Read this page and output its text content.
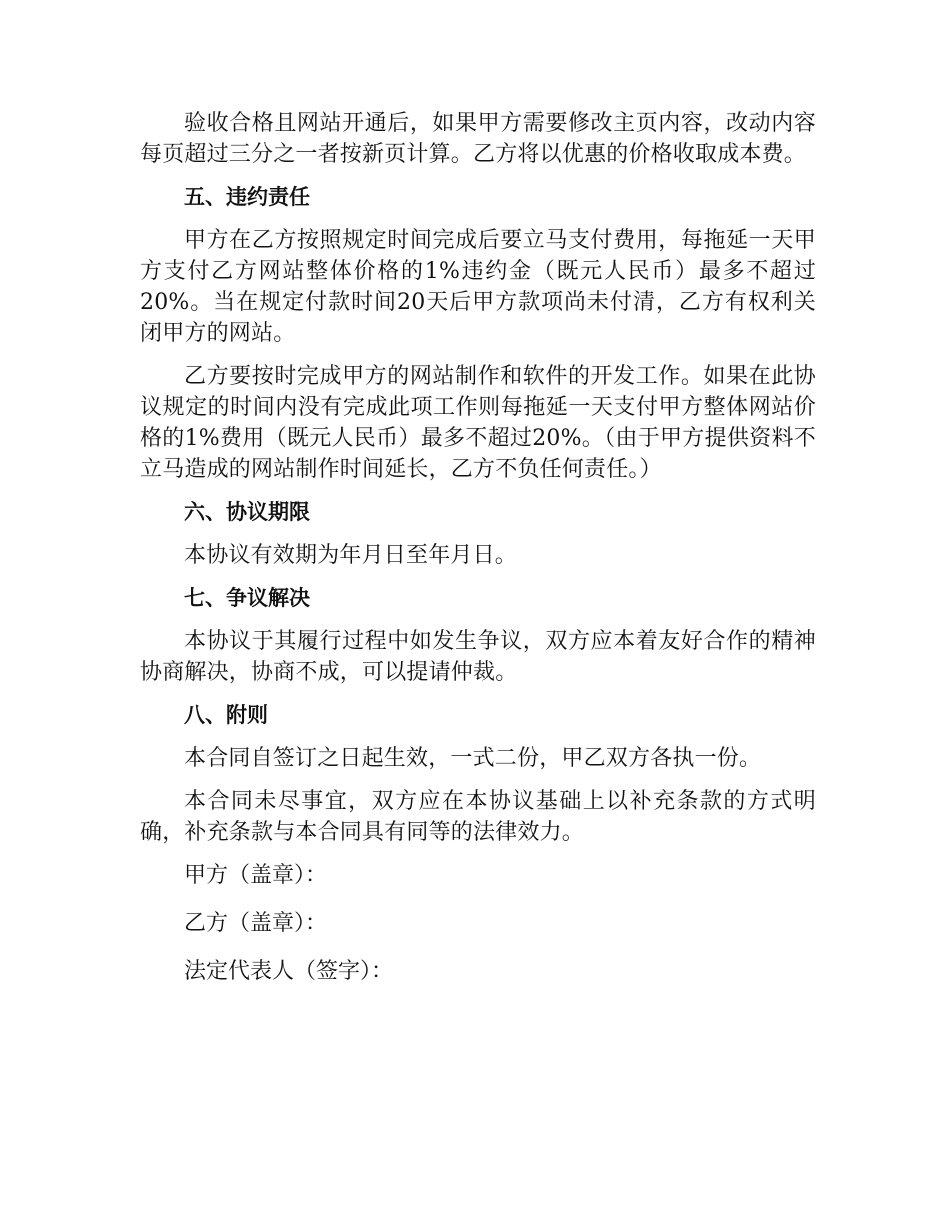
验收合格且网站开通后，如果甲方需要修改主页内容，改动内容每页超过三分之一者按新页计算。乙方将以优惠的价格收取成本费。

五、违约责任

甲方在乙方按照规定时间完成后要立马支付费用，每拖延一天甲方支付乙方网站整体价格的1%违约金（既元人民币）最多不超过20%。当在规定付款时间20天后甲方款项尚未付清，乙方有权利关闭甲方的网站。

乙方要按时完成甲方的网站制作和软件的开发工作。如果在此协议规定的时间内没有完成此项工作则每拖延一天支付甲方整体网站价格的1%费用（既元人民币）最多不超过20%。（由于甲方提供资料不立马造成的网站制作时间延长，乙方不负任何责任。）

六、协议期限

本协议有效期为年月日至年月日。

七、争议解决

本协议于其履行过程中如发生争议，双方应本着友好合作的精神协商解决，协商不成，可以提请仲裁。

八、附则

本合同自签订之日起生效，一式二份，甲乙双方各执一份。

本合同未尽事宜，双方应在本协议基础上以补充条款的方式明确，补充条款与本合同具有同等的法律效力。

甲方（盖章）：

乙方（盖章）：

法定代表人（签字）：
